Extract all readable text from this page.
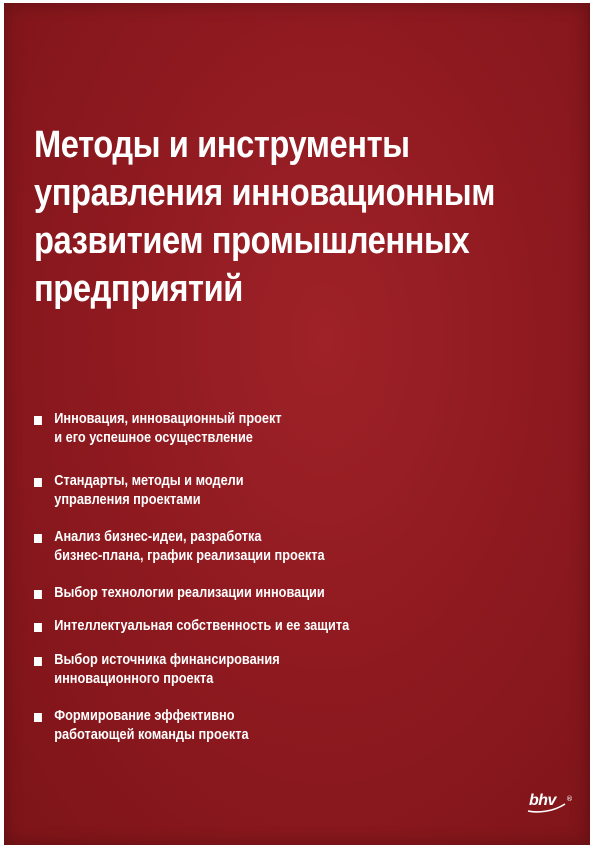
Методы и инструменты
управления инновационным
развитием промышленных
предприятий
Инновация, инновационный проект
и его успешное осуществление
Стандарты, методы и модели
управления проектами
Анализ бизнес-идеи, разработка
бизнес-плана, график реализации проекта
Выбор технологии реализации инновации
Интеллектуальная собственность и ее защита
Выбор источника финансирования
инновационного проекта
Формирование эффективно
работающей команды проекта
bhv ®
